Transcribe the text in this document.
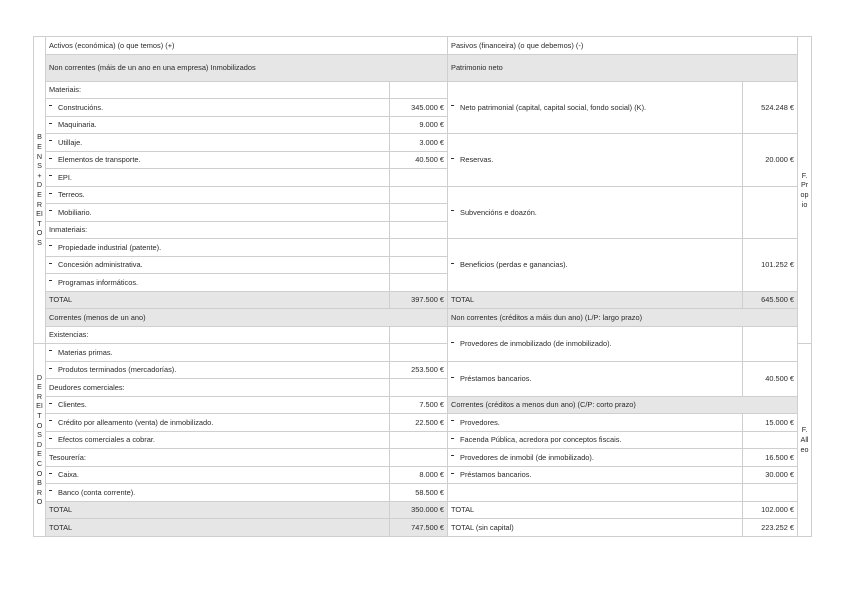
BENS + DEREITOS	Activos (económica) (o que temos) (+)		Pasivos (financeira) (o que debemos) (-)		F. Propio
	Non correntes (máis de un ano en una empresa) Inmobilizados		Patrimonio neto		
	Materiais:		Neto patrimonial (capital, capital social, fondo social) (K).	524.248 €	
	Construcións.	345.000 €			
	Maquinaria.	9.000 €			
	Utillaje.	3.000 €	Reservas.	20.000 €	
	Elementos de transporte.	40.500 €			
	EPI.				
	Terreos.		Subvencións e doazón.		
	Mobiliario.				
	Inmateriais:				
	Propiedade industrial (patente).		Beneficios (perdas e ganancias).	101.252 €	
	Concesión administrativa.				
	Programas informáticos.				
	TOTAL	397.500 €	TOTAL	645.500 €	
	Correntes (menos de un ano)		Non correntes (créditos a máis dun ano) (L/P: largo prazo)		
	Existencias:		Provedores de inmobilizado (de inmobilizado).		
DEREITOS DE COBRO	Materias primas.				F. Alleo
	Produtos terminados (mercadorías).	253.500 €	Préstamos bancarios.	40.500 €	
	Deudores comerciales:				
	Clientes.	7.500 €	Correntes (créditos a menos dun ano) (C/P: corto prazo)		
	Crédito por alleamento (venta) de inmobilizado.	22.500 €	Provedores.	15.000 €	
	Efectos comerciales a cobrar.		Facenda Pública, acredora por conceptos fiscais.		
	Tesourería:		Provedores de inmobil (de inmobilizado).	16.500 €	
	Caixa.	8.000 €	Préstamos bancarios.	30.000 €	
	Banco (conta corrente).	58.500 €			
	TOTAL	350.000 €	TOTAL	102.000 €	
	TOTAL	747.500 €	TOTAL (sin capital)	223.252 €	
